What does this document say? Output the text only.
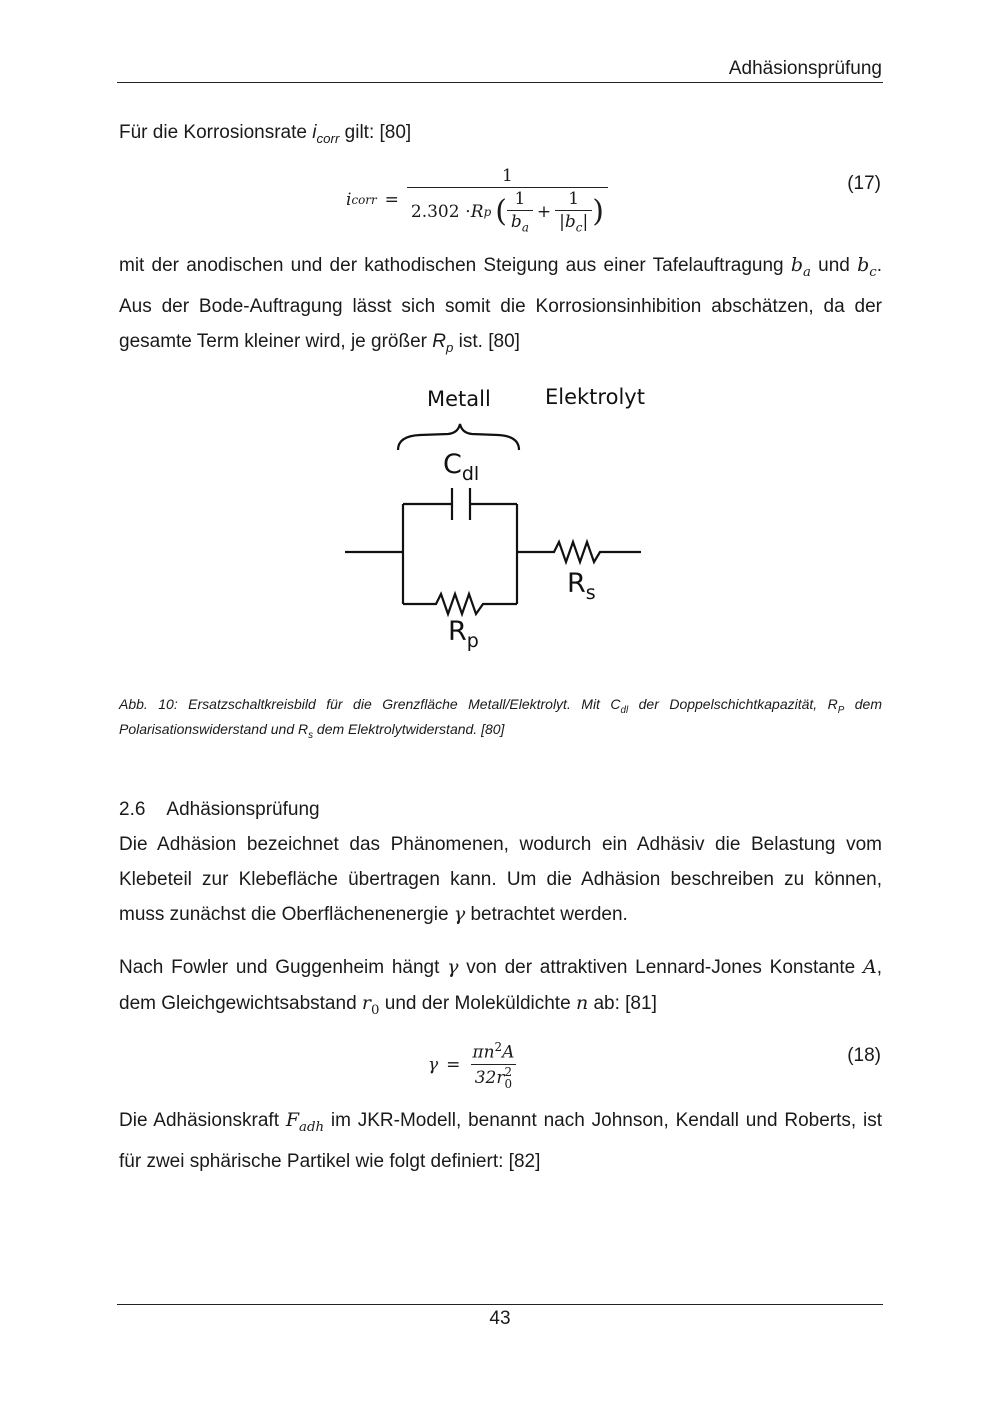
Adhäsionsprüfung
Für die Korrosionsrate $i_{corr}$ gilt: [80]
i corr =
1
2.302 ⋅ R p ( $\frac{1}{b_a} + \frac{1}{|b_c|}$ )
(17)
mit der anodischen und der kathodischen Steigung aus einer Tafelauftragung $b_a$ und $b_c$. Aus der Bode-Auftragung lässt sich somit die Korrosionsinhibition abschätzen, da der gesamte Term kleiner wird, je größer $R_p$ ist. [80]
Metall	Elektrolyt
$C_{dl}$
$R_s$
$R_p$
Abb. 10: Ersatzschaltkreisbild für die Grenzfläche Metall/Elektrolyt. Mit $C_{dl}$ der Doppelschichtkapazität, $R_P$ dem Polarisationswiderstand und $R_s$ dem Elektrolytwiderstand. [80]
2.6 Adhäsionsprüfung
Die Adhäsion bezeichnet das Phänomenen, wodurch ein Adhäsiv die Belastung vom Klebeteil zur Klebefläche übertragen kann. Um die Adhäsion beschreiben zu können, muss zunächst die Oberflächenenergie γ betrachtet werden.
Nach Fowler und Guggenheim hängt γ von der attraktiven Lennard-Jones Konstante A, dem Gleichgewichtsabstand $r_0$ und der Moleküldichte n ab: [81]
$\gamma = \pi n^2A$
32r 2
0	(18)
Die Adhäsionskraft $F_{adh}$ im JKR-Modell, benannt nach Johnson, Kendall und Roberts, ist für zwei sphärische Partikel wie folgt definiert: [82]
43
